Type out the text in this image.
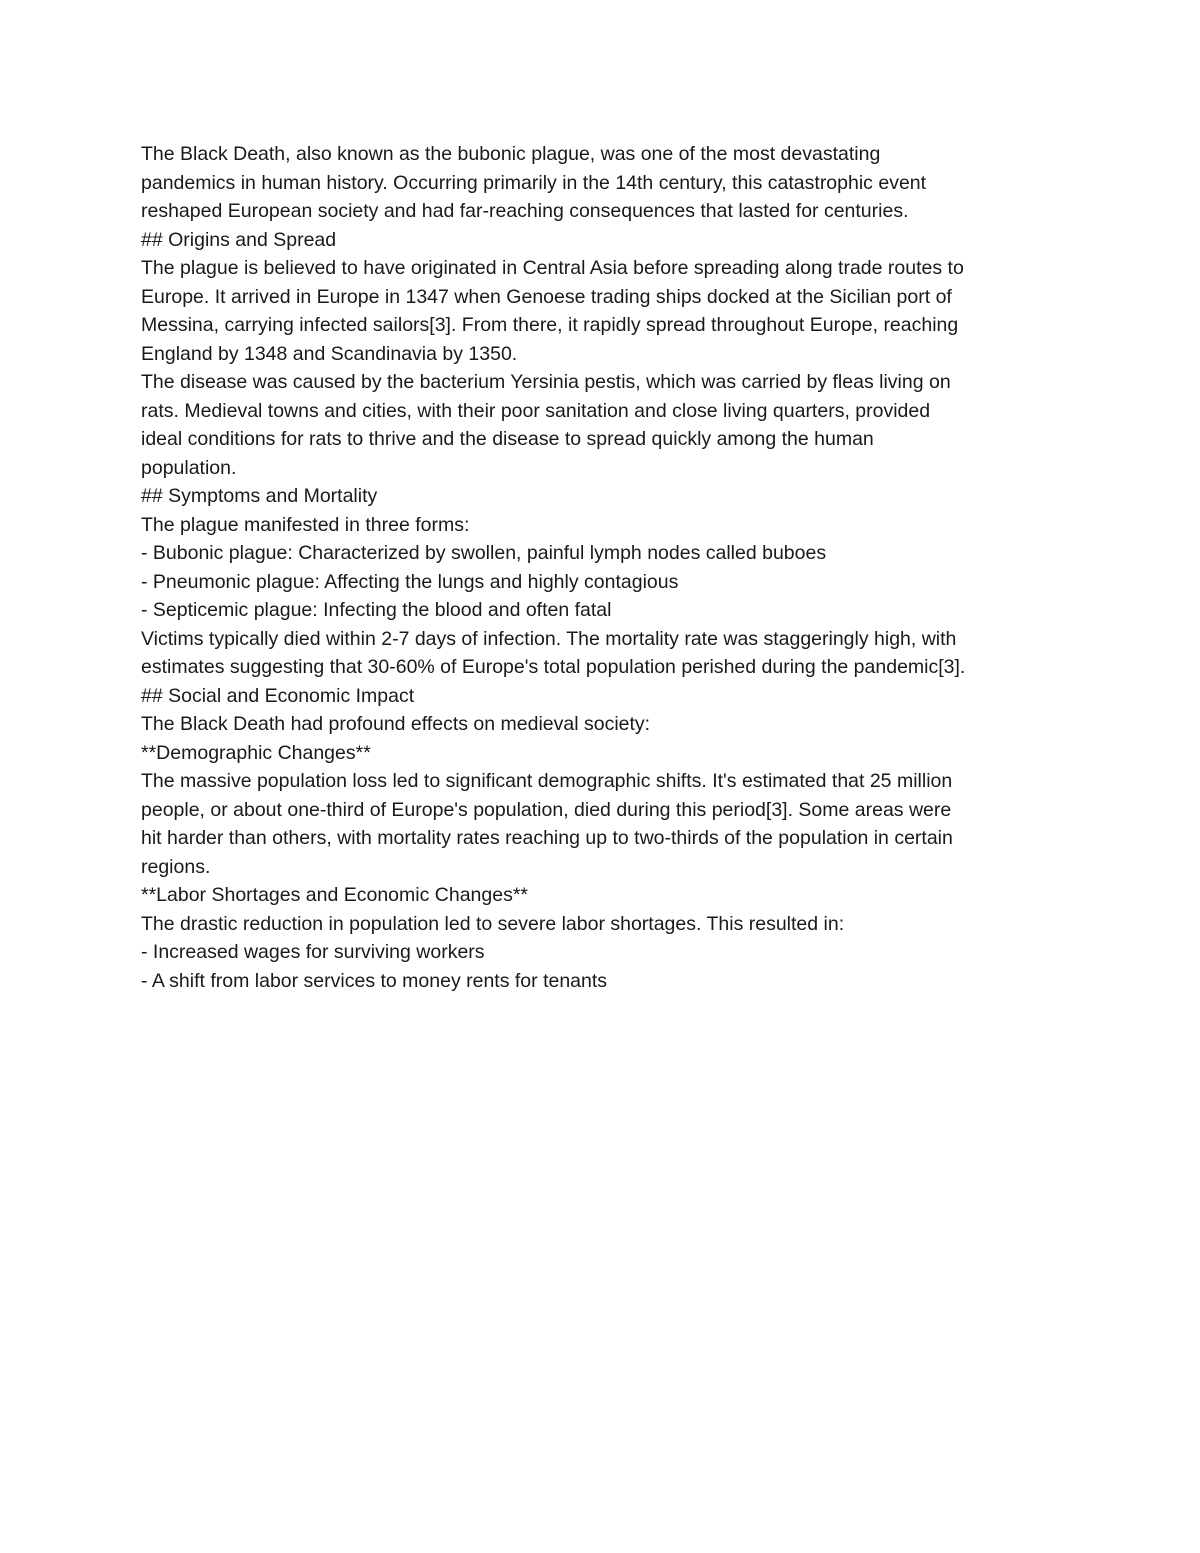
The Black Death, also known as the bubonic plague, was one of the most devastating
pandemics in human history. Occurring primarily in the 14th century, this catastrophic event
reshaped European society and had far-reaching consequences that lasted for centuries.

## Origins and Spread

The plague is believed to have originated in Central Asia before spreading along trade routes to
Europe. It arrived in Europe in 1347 when Genoese trading ships docked at the Sicilian port of
Messina, carrying infected sailors[3]. From there, it rapidly spread throughout Europe, reaching
England by 1348 and Scandinavia by 1350.

The disease was caused by the bacterium Yersinia pestis, which was carried by fleas living on
rats. Medieval towns and cities, with their poor sanitation and close living quarters, provided
ideal conditions for rats to thrive and the disease to spread quickly among the human
population.

## Symptoms and Mortality

The plague manifested in three forms:

- Bubonic plague: Characterized by swollen, painful lymph nodes called buboes
- Pneumonic plague: Affecting the lungs and highly contagious
- Septicemic plague: Infecting the blood and often fatal

Victims typically died within 2-7 days of infection. The mortality rate was staggeringly high, with
estimates suggesting that 30-60% of Europe's total population perished during the pandemic[3].

## Social and Economic Impact

The Black Death had profound effects on medieval society:

**Demographic Changes**

The massive population loss led to significant demographic shifts. It's estimated that 25 million
people, or about one-third of Europe's population, died during this period[3]. Some areas were
hit harder than others, with mortality rates reaching up to two-thirds of the population in certain
regions.

**Labor Shortages and Economic Changes**

The drastic reduction in population led to severe labor shortages. This resulted in:

- Increased wages for surviving workers
- A shift from labor services to money rents for tenants
